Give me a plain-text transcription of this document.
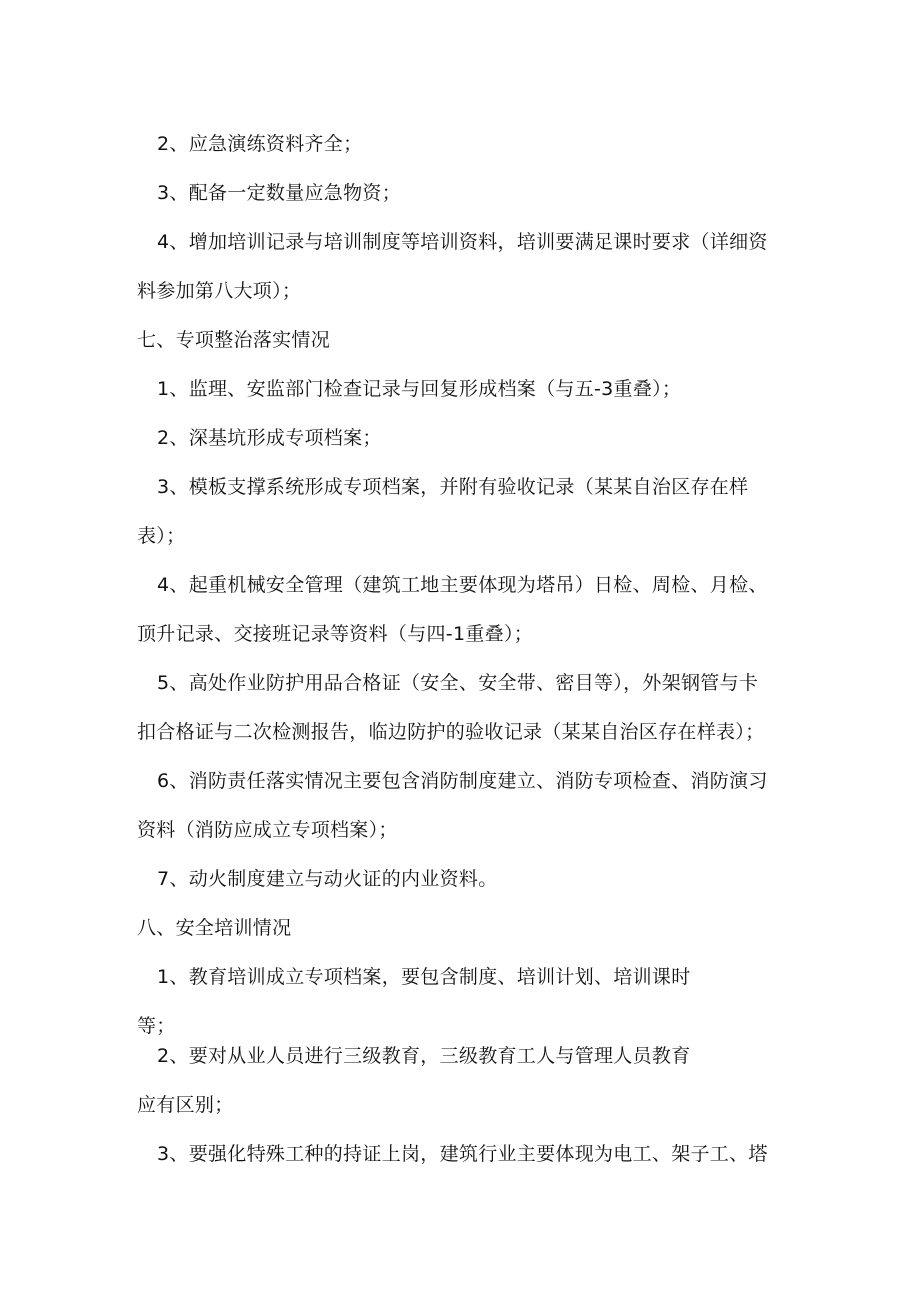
2、应急演练资料齐全；
3、配备一定数量应急物资；
4、增加培训记录与培训制度等培训资料，培训要满足课时要求（详细资
料参加第八大项）；
七、专项整治落实情况
1、监理、安监部门检查记录与回复形成档案（与五-3重叠）；
2、深基坑形成专项档案；
3、模板支撑系统形成专项档案，并附有验收记录（某某自治区存在样
表）；
4、起重机械安全管理（建筑工地主要体现为塔吊）日检、周检、月检、
顶升记录、交接班记录等资料（与四-1重叠）；
5、高处作业防护用品合格证（安全、安全带、密目等），外架钢管与卡
扣合格证与二次检测报告，临边防护的验收记录（某某自治区存在样表）；
6、消防责任落实情况主要包含消防制度建立、消防专项检查、消防演习
资料（消防应成立专项档案）；
7、动火制度建立与动火证的内业资料。
八、安全培训情况
1、教育培训成立专项档案，要包含制度、培训计划、培训课时
等；
2、要对从业人员进行三级教育，三级教育工人与管理人员教育
应有区别；
3、要强化特殊工种的持证上岗，建筑行业主要体现为电工、架子工、塔
